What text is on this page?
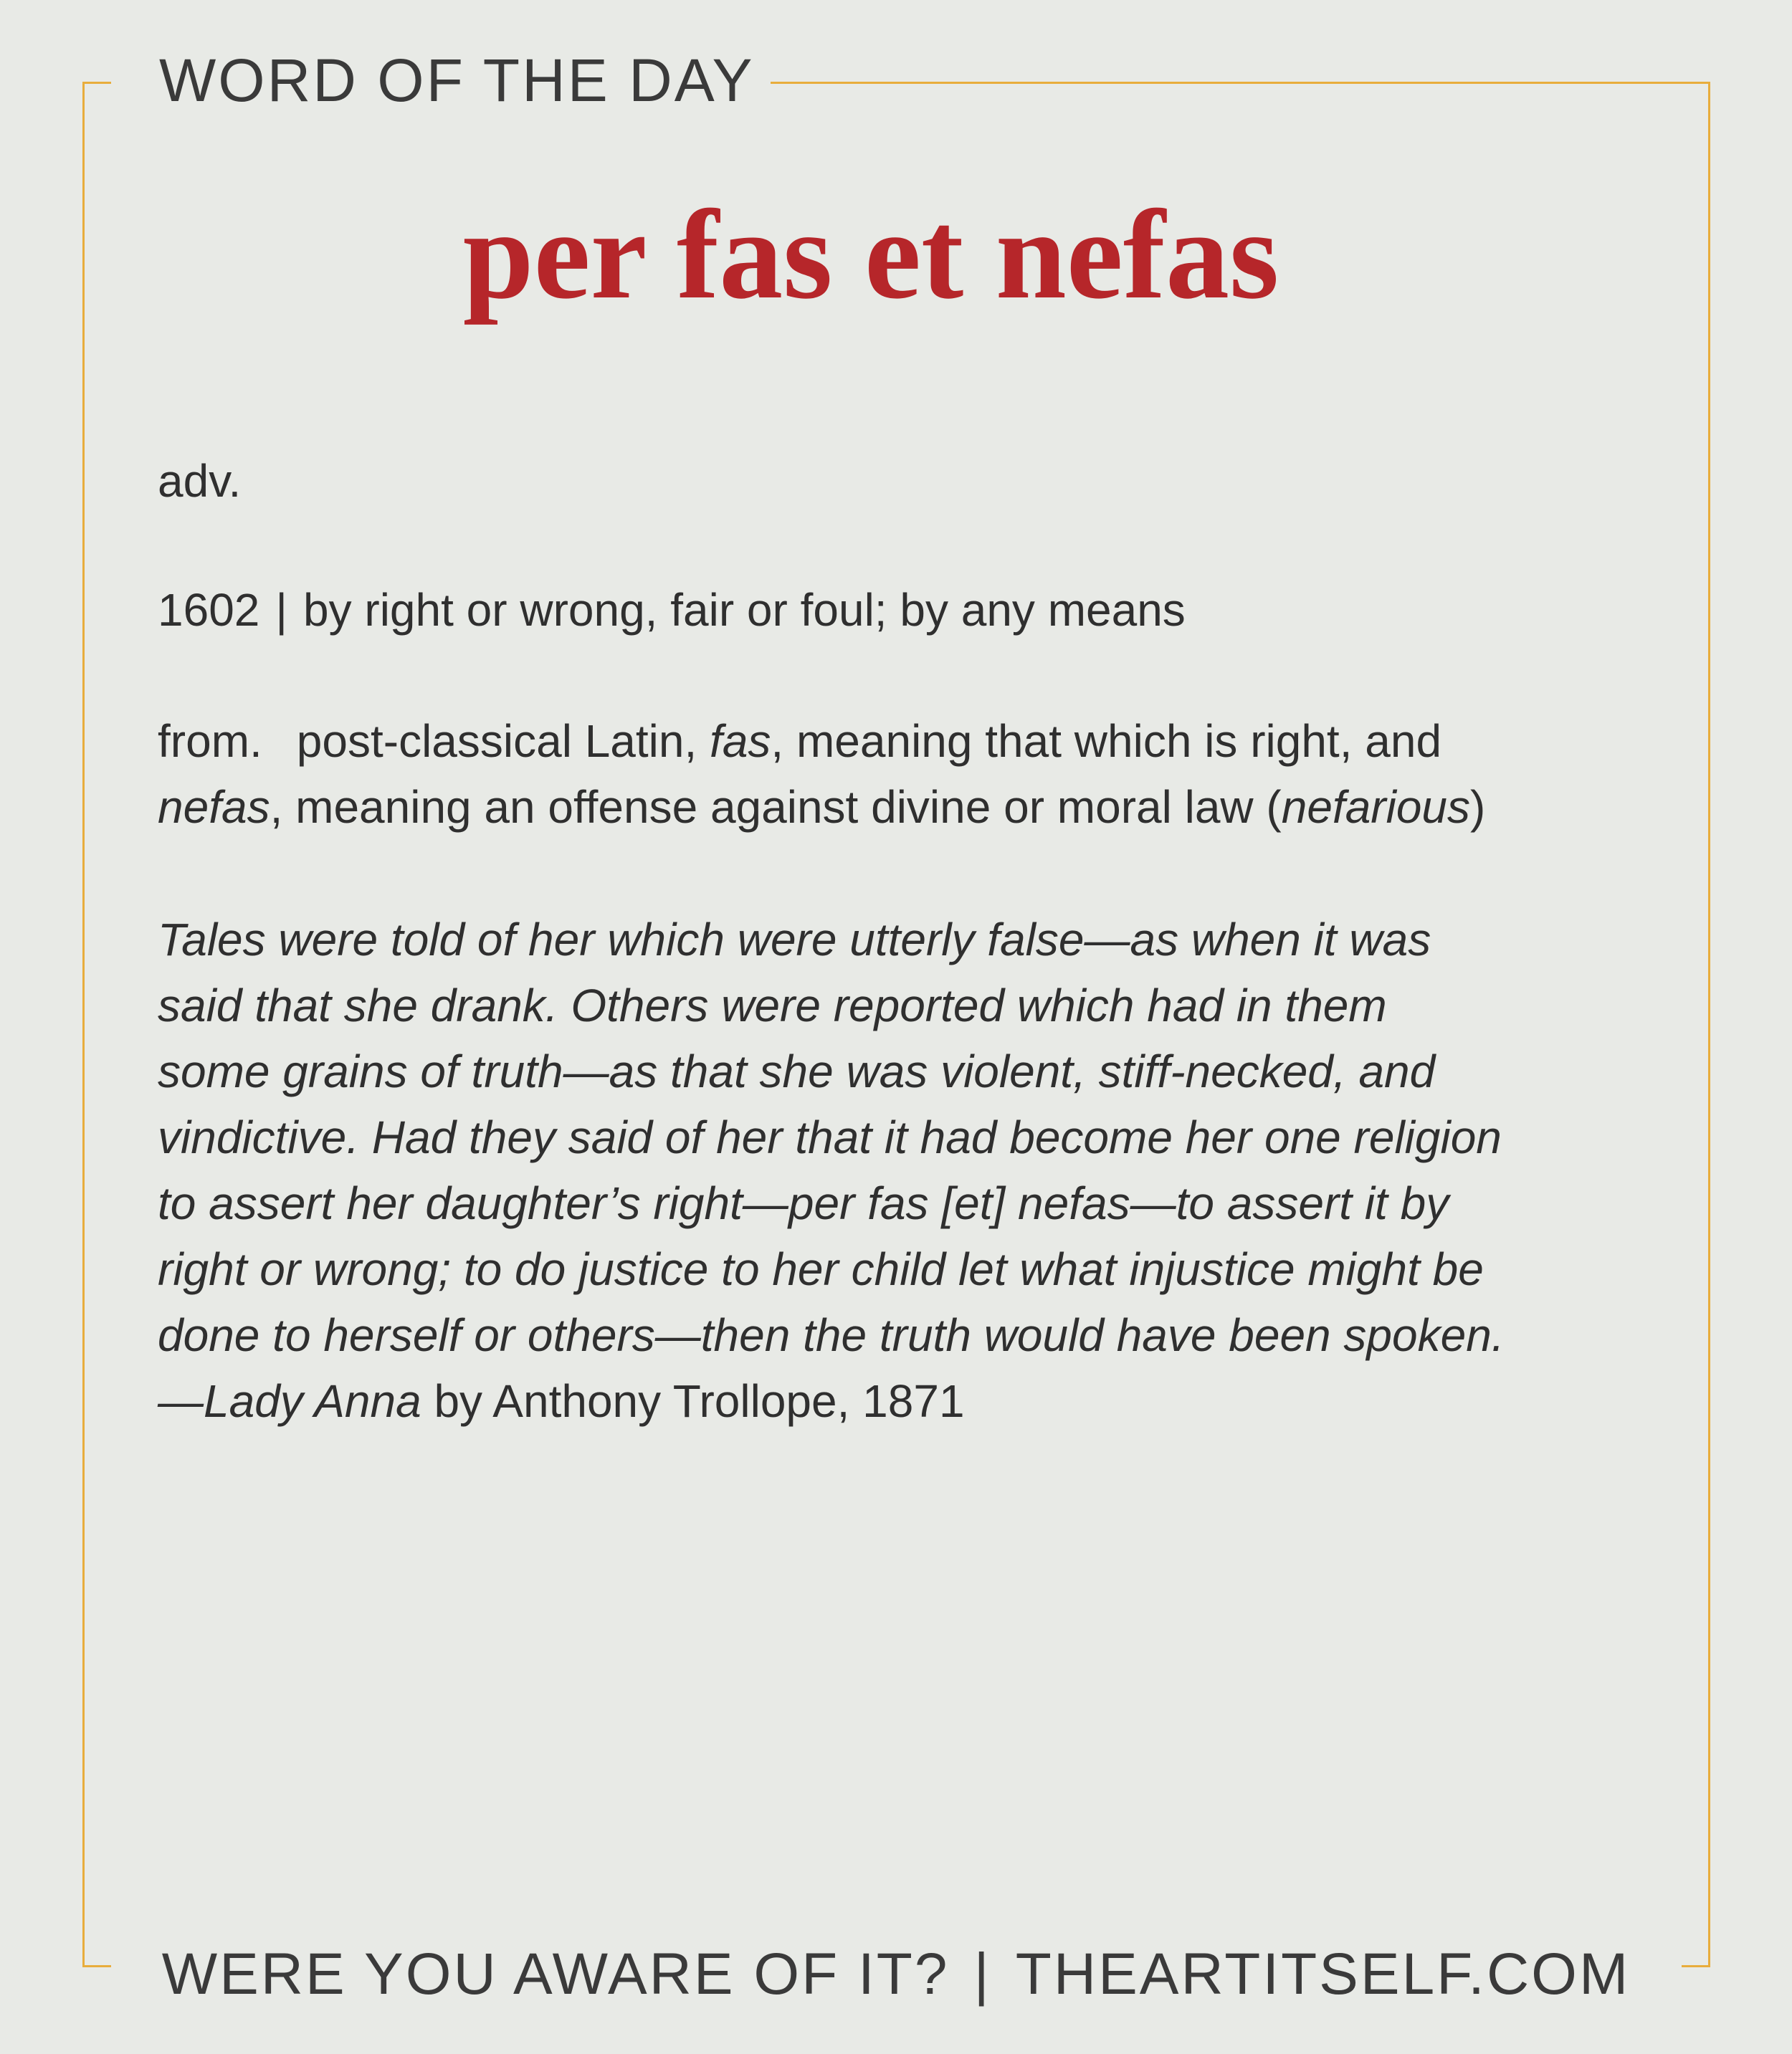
WORD OF THE DAY
per fas et nefas
adv.
1602 | by right or wrong, fair or foul; by any means
from. post-classical Latin, fas, meaning that which is right, and
nefas, meaning an offense against divine or moral law (nefarious)
Tales were told of her which were utterly false—as when it was
said that she drank. Others were reported which had in them
some grains of truth—as that she was violent, stiff-necked, and
vindictive. Had they said of her that it had become her one religion
to assert her daughter’s right—per fas [et] nefas—to assert it by
right or wrong; to do justice to her child let what injustice might be
done to herself or others—then the truth would have been spoken.
—Lady Anna by Anthony Trollope, 1871
WERE YOU AWARE OF IT? | THEARTITSELF.COM
